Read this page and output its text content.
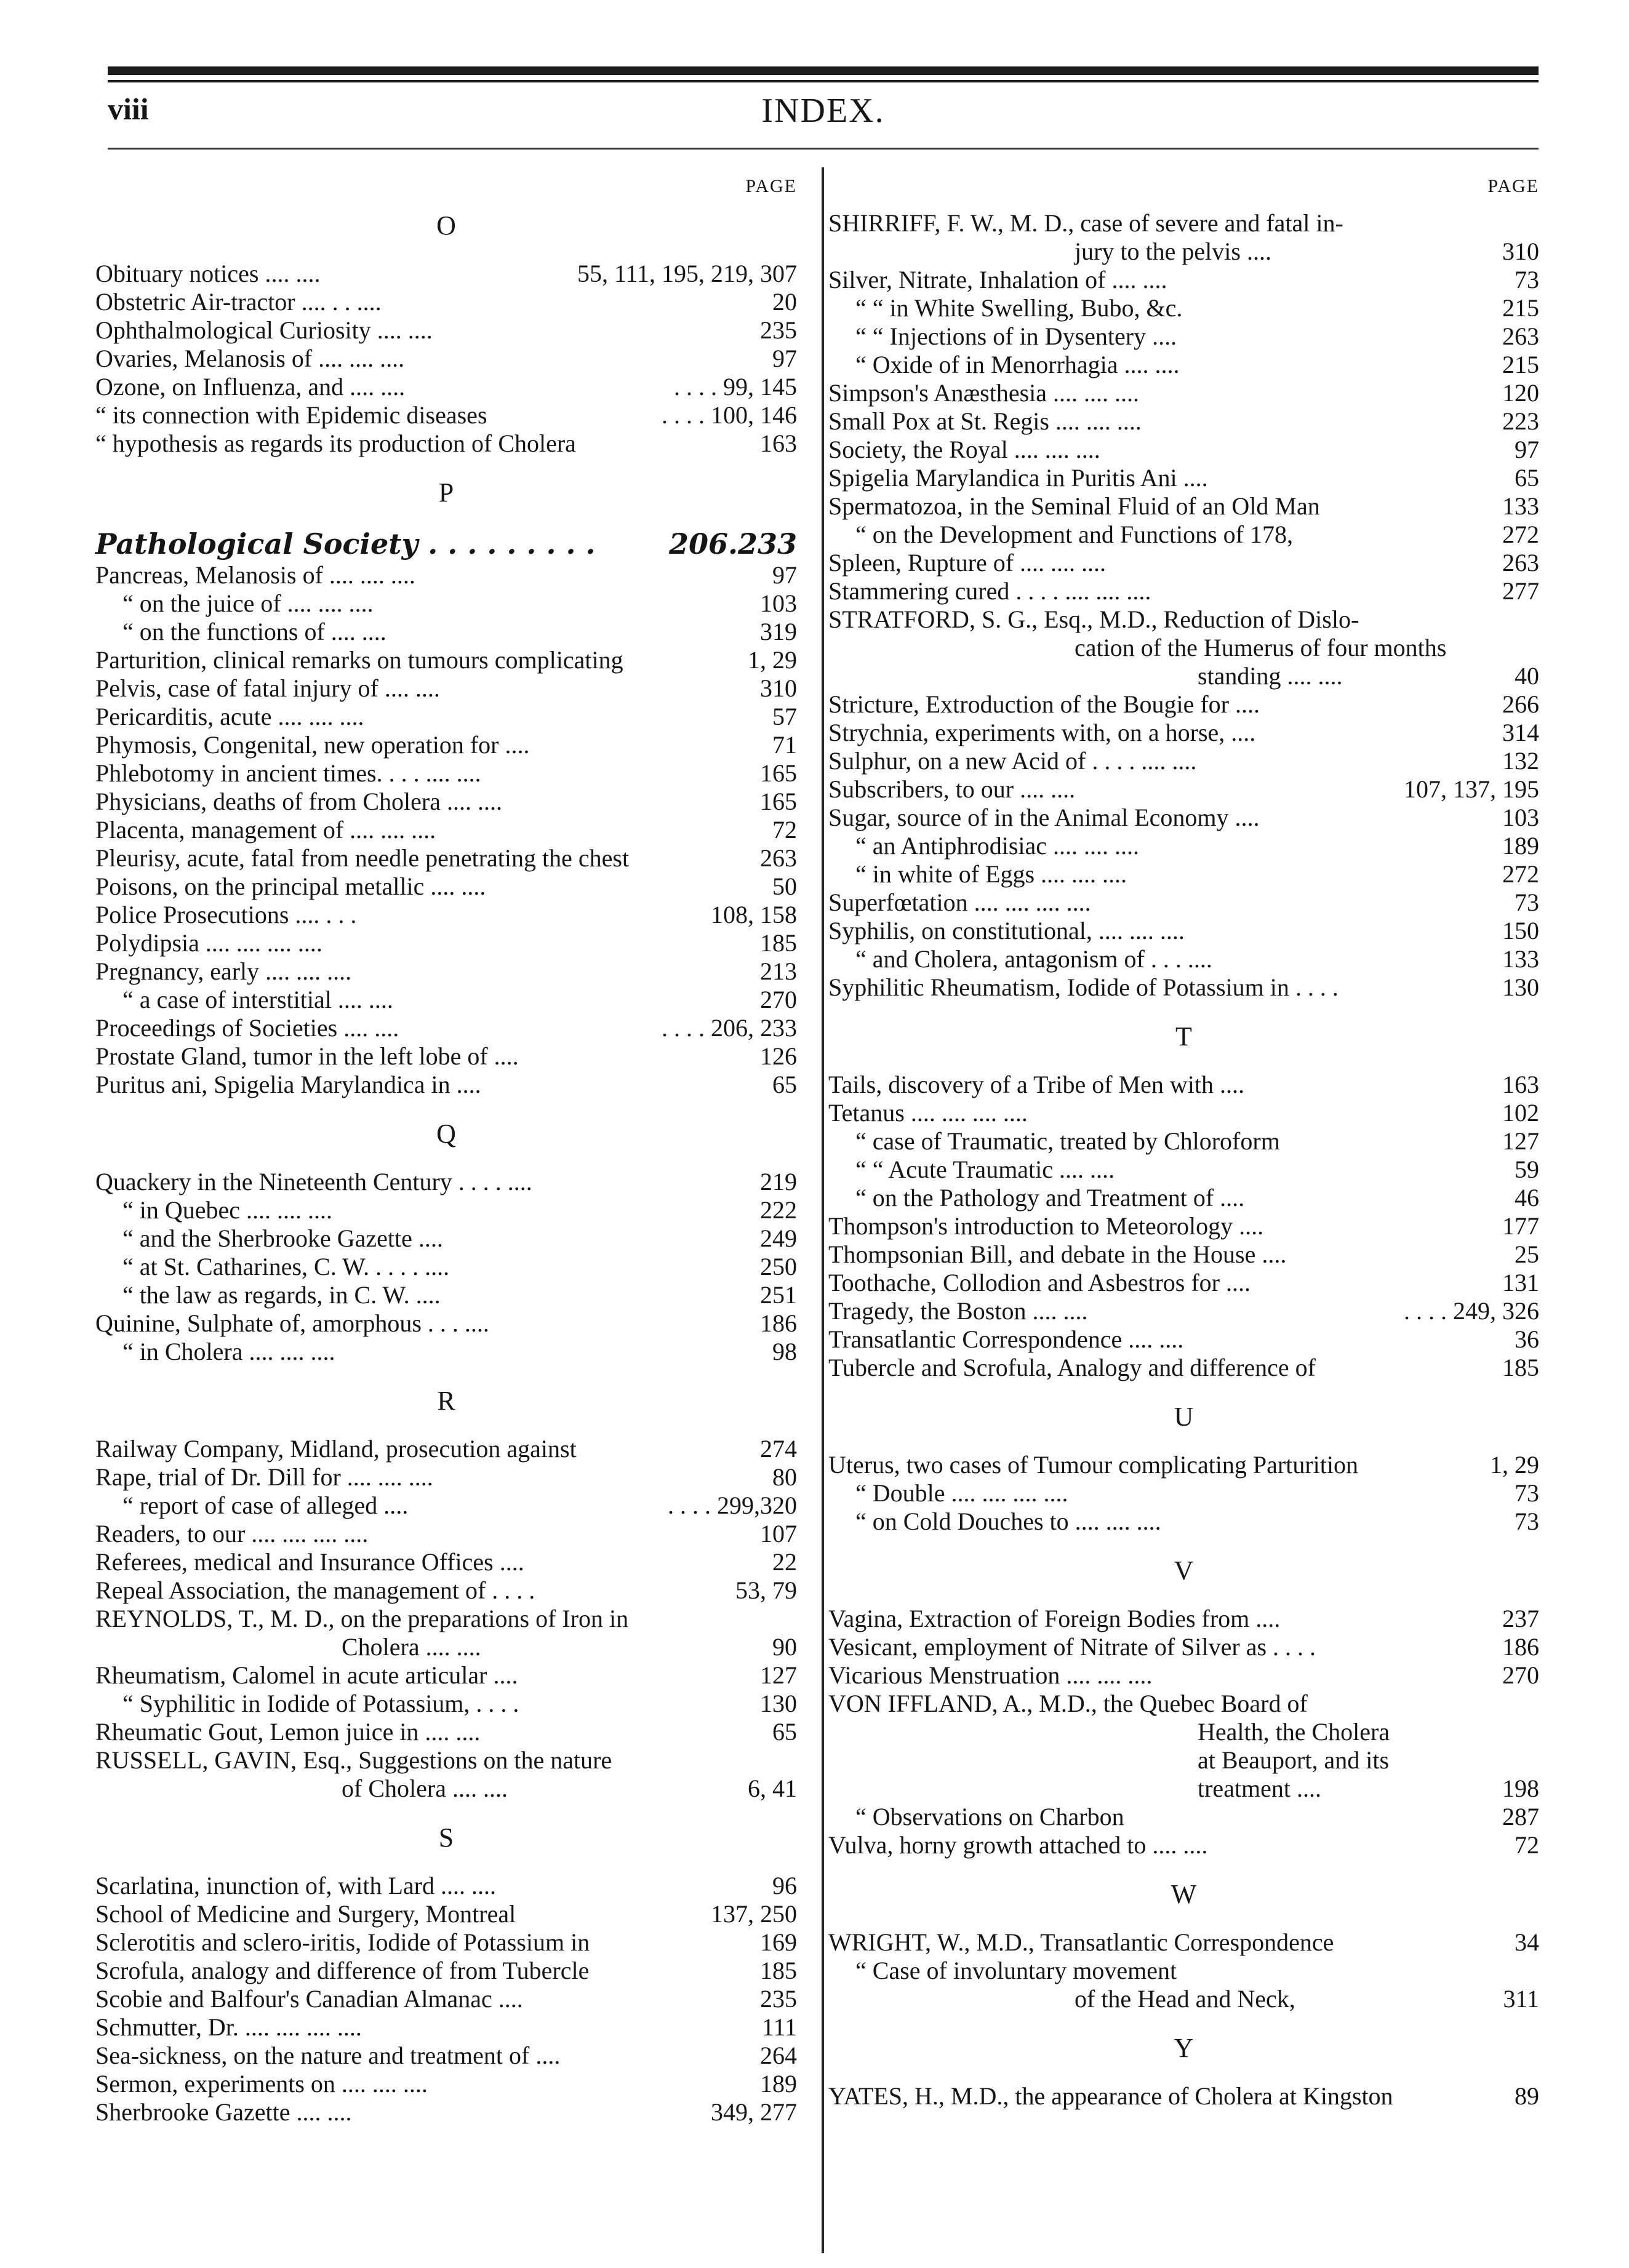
viii	INDEX.
PAGE
O
Obituary notices .... ....	55, 111, 195, 219, 307
Obstetric Air-tractor .... . . ....	20
Ophthalmological Curiosity .... ....	235
Ovaries, Melanosis of .... .... ....	97
Ozone, on Influenza, and .... ....	. . . . 99, 145
“ its connection with Epidemic diseases	. . . . 100, 146
“ hypothesis as regards its production of Cholera	163
P
Pathological Society . . . . . . . . .	206.233
Pancreas, Melanosis of .... .... ....	97
“ on the juice of .... .... ....	103
“ on the functions of .... ....	319
Parturition, clinical remarks on tumours complicating	1, 29
Pelvis, case of fatal injury of .... ....	310
Pericarditis, acute .... .... ....	57
Phymosis, Congenital, new operation for ....	71
Phlebotomy in ancient times. . . . .... ....	165
Physicians, deaths of from Cholera .... ....	165
Placenta, management of .... .... ....	72
Pleurisy, acute, fatal from needle penetrating the chest	263
Poisons, on the principal metallic .... ....	50
Police Prosecutions .... . . .	108, 158
Polydipsia .... .... .... ....	185
Pregnancy, early .... .... ....	213
“ a case of interstitial .... ....	270
Proceedings of Societies .... ....	. . . . 206, 233
Prostate Gland, tumor in the left lobe of ....	126
Puritus ani, Spigelia Marylandica in ....	65
Q
Quackery in the Nineteenth Century . . . . ....	219
“ in Quebec .... .... ....	222
“ and the Sherbrooke Gazette ....	249
“ at St. Catharines, C. W. . . . . ....	250
“ the law as regards, in C. W. ....	251
Quinine, Sulphate of, amorphous . . . ....	186
“ in Cholera .... .... ....	98
R
Railway Company, Midland, prosecution against	274
Rape, trial of Dr. Dill for .... .... ....	80
“ report of case of alleged ....	. . . . 299,320
Readers, to our .... .... .... ....	107
Referees, medical and Insurance Offices ....	22
Repeal Association, the management of . . . .	53, 79
REYNOLDS, T., M. D., on the preparations of Iron in
Cholera .... ....	90
Rheumatism, Calomel in acute articular ....	127
“ Syphilitic in Iodide of Potassium, . . . .	130
Rheumatic Gout, Lemon juice in .... ....	65
RUSSELL, GAVIN, Esq., Suggestions on the nature
of Cholera .... ....	6, 41
S
Scarlatina, inunction of, with Lard .... ....	96
School of Medicine and Surgery, Montreal	137, 250
Sclerotitis and sclero-iritis, Iodide of Potassium in	169
Scrofula, analogy and difference of from Tubercle	185
Scobie and Balfour's Canadian Almanac ....	235
Schmutter, Dr. .... .... .... ....	111
Sea-sickness, on the nature and treatment of ....	264
Sermon, experiments on .... .... ....	189
Sherbrooke Gazette .... ....	349, 277
PAGE
SHIRRIFF, F. W., M. D., case of severe and fatal in-
jury to the pelvis ....	310
Silver, Nitrate, Inhalation of .... ....	73
“ “ in White Swelling, Bubo, &c.	215
“ “ Injections of in Dysentery ....	263
“ Oxide of in Menorrhagia .... ....	215
Simpson's Anæsthesia .... .... ....	120
Small Pox at St. Regis .... .... ....	223
Society, the Royal .... .... ....	97
Spigelia Marylandica in Puritis Ani ....	65
Spermatozoa, in the Seminal Fluid of an Old Man	133
“ on the Development and Functions of 178,	272
Spleen, Rupture of .... .... ....	263
Stammering cured . . . . .... .... ....	277
STRATFORD, S. G., Esq., M.D., Reduction of Dislo-
cation of the Humerus of four months
standing .... ....	40
Stricture, Extroduction of the Bougie for ....	266
Strychnia, experiments with, on a horse, ....	314
Sulphur, on a new Acid of . . . . .... ....	132
Subscribers, to our .... ....	107, 137, 195
Sugar, source of in the Animal Economy ....	103
“ an Antiphrodisiac .... .... ....	189
“ in white of Eggs .... .... ....	272
Superfœtation .... .... .... ....	73
Syphilis, on constitutional, .... .... ....	150
“ and Cholera, antagonism of . . . ....	133
Syphilitic Rheumatism, Iodide of Potassium in . . . .	130
T
Tails, discovery of a Tribe of Men with ....	163
Tetanus .... .... .... ....	102
“ case of Traumatic, treated by Chloroform	127
“ “ Acute Traumatic .... ....	59
“ on the Pathology and Treatment of ....	46
Thompson's introduction to Meteorology ....	177
Thompsonian Bill, and debate in the House ....	25
Toothache, Collodion and Asbestros for ....	131
Tragedy, the Boston .... ....	. . . . 249, 326
Transatlantic Correspondence .... ....	36
Tubercle and Scrofula, Analogy and difference of	185
U
Uterus, two cases of Tumour complicating Parturition	1, 29
“ Double .... .... .... ....	73
“ on Cold Douches to .... .... ....	73
V
Vagina, Extraction of Foreign Bodies from ....	237
Vesicant, employment of Nitrate of Silver as . . . .	186
Vicarious Menstruation .... .... ....	270
VON IFFLAND, A., M.D., the Quebec Board of
Health, the Cholera
at Beauport, and its
treatment ....	198
“ Observations on Charbon	287
Vulva, horny growth attached to .... ....	72
W
WRIGHT, W., M.D., Transatlantic Correspondence	34
“ Case of involuntary movement
of the Head and Neck,	311
Y
YATES, H., M.D., the appearance of Cholera at Kingston	89
